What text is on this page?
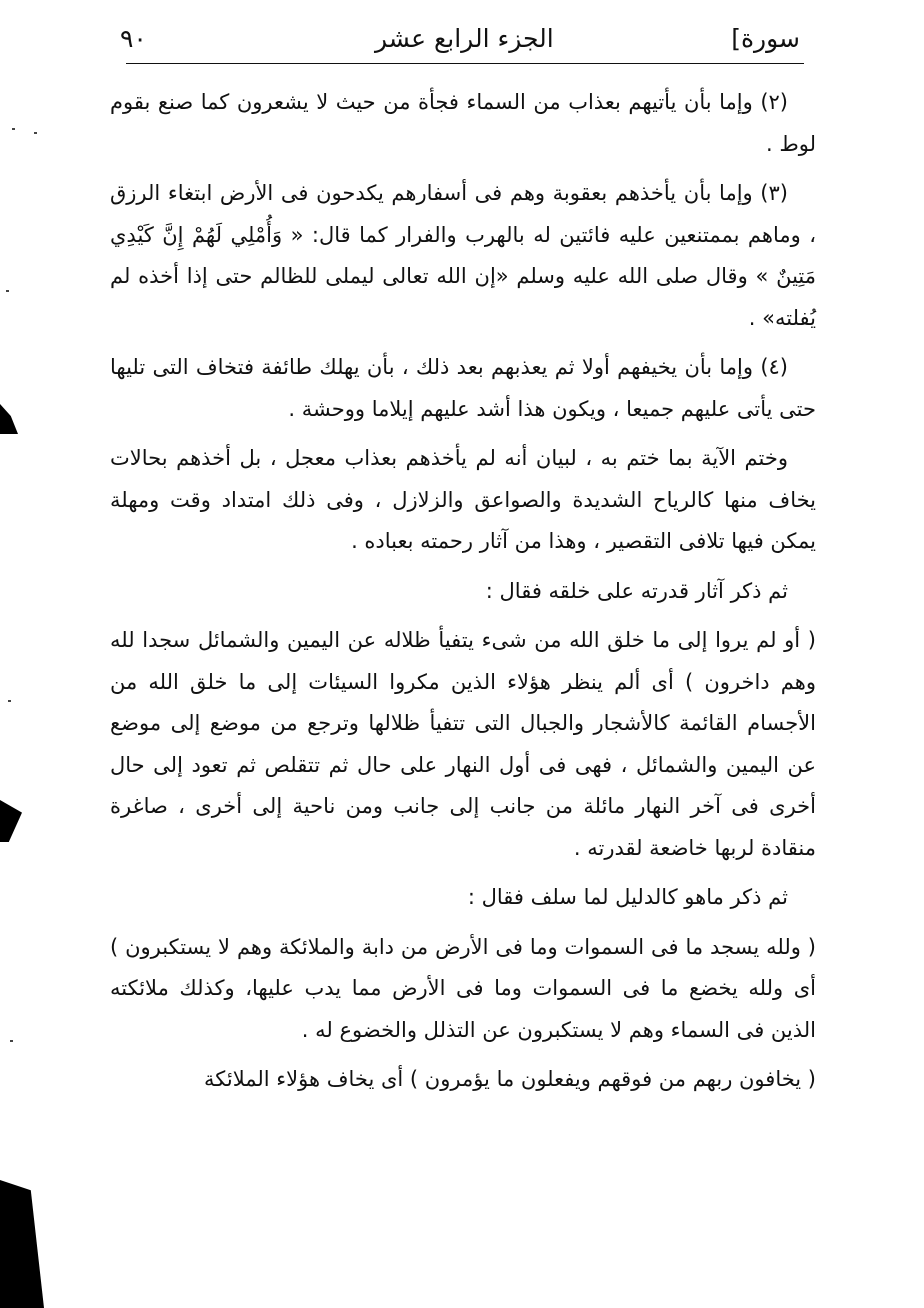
٩٠	الجزء الرابع عشر	[سورة

(٢) وإما بأن يأتيهم بعذاب من السماء فجأة من حيث لا يشعرون كما صنع بقوم لوط .

(٣) وإما بأن يأخذهم بعقوبة وهم فى أسفارهم يكدحون فى الأرض ابتغاء الرزق ، وماهم بممتنعين عليه فائتين له بالهرب والفرار كما قال: « وَأُمْلِي لَهُمْ إِنَّ كَيْدِي مَتِينٌ » وقال صلى الله عليه وسلم «إن الله تعالى ليملى للظالم حتى إذا أخذه لم يُفلته» .

(٤) وإما بأن يخيفهم أولا ثم يعذبهم بعد ذلك ، بأن يهلك طائفة فتخاف التى تليها حتى يأتى عليهم جميعا ، ويكون هذا أشد عليهم إيلاما ووحشة .

وختم الآية بما ختم به ، لبيان أنه لم يأخذهم بعذاب معجل ، بل أخذهم بحالات يخاف منها كالرياح الشديدة والصواعق والزلازل ، وفى ذلك امتداد وقت ومهلة يمكن فيها تلافى التقصير ، وهذا من آثار رحمته بعباده .

ثم ذكر آثار قدرته على خلقه فقال :

( أو لم يروا إلى ما خلق الله من شىء يتفيأ ظلاله عن اليمين والشمائل سجدا لله وهم داخرون ) أى ألم ينظر هؤلاء الذين مكروا السيئات إلى ما خلق الله من الأجسام القائمة كالأشجار والجبال التى تتفيأ ظلالها وترجع من موضع إلى موضع عن اليمين والشمائل ، فهى فى أول النهار على حال ثم تتقلص ثم تعود إلى حال أخرى فى آخر النهار مائلة من جانب إلى جانب ومن ناحية إلى أخرى ، صاغرة منقادة لربها خاضعة لقدرته .

ثم ذكر ماهو كالدليل لما سلف فقال :

( ولله يسجد ما فى السموات وما فى الأرض من دابة والملائكة وهم لا يستكبرون ) أى ولله يخضع ما فى السموات وما فى الأرض مما يدب عليها، وكذلك ملائكته الذين فى السماء وهم لا يستكبرون عن التذلل والخضوع له .

( يخافون ربهم من فوقهم ويفعلون ما يؤمرون ) أى يخاف هؤلاء الملائكة
